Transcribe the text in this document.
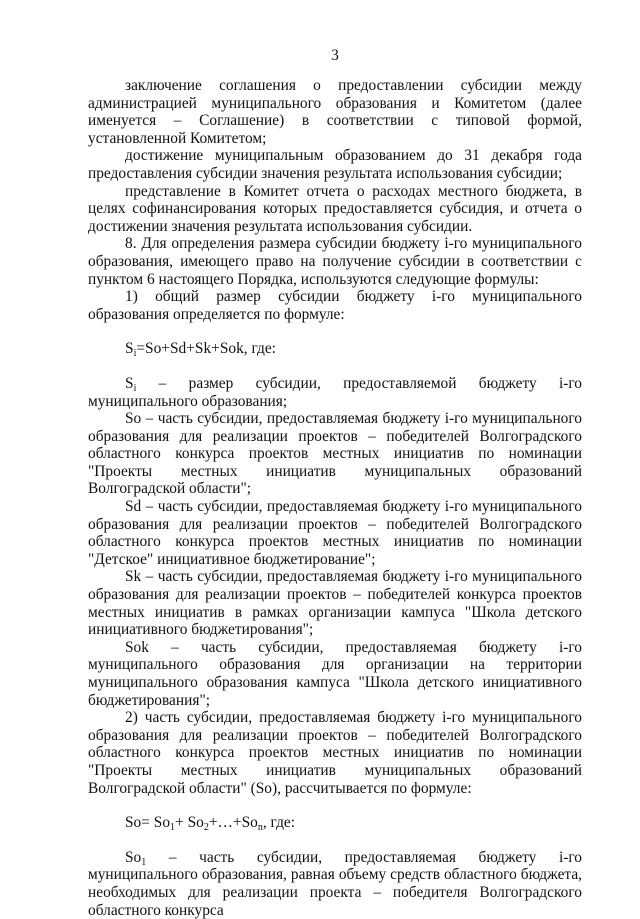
3

заключение соглашения о предоставлении субсидии между администрацией муниципального образования и Комитетом (далее именуется – Соглашение) в соответствии с типовой формой, установленной Комитетом;

достижение муниципальным образованием до 31 декабря года предоставления субсидии значения результата использования субсидии;

представление в Комитет отчета о расходах местного бюджета, в целях софинансирования которых предоставляется субсидия, и отчета о достижении значения результата использования субсидии.

8. Для определения размера субсидии бюджету i-го муниципального образования, имеющего право на получение субсидии в соответствии с пунктом 6 настоящего Порядка, используются следующие формулы:

1) общий размер субсидии бюджету i-го муниципального образования определяется по формуле:

$S_i=So+Sd+Sk+Sok$, где:

$S_i$ – размер субсидии, предоставляемой бюджету i-го муниципального образования;

So – часть субсидии, предоставляемая бюджету i-го муниципального образования для реализации проектов – победителей Волгоградского областного конкурса проектов местных инициатив по номинации "Проекты местных инициатив муниципальных образований Волгоградской области";

Sd – часть субсидии, предоставляемая бюджету i-го муниципального образования для реализации проектов – победителей Волгоградского областного конкурса проектов местных инициатив по номинации "Детское" инициативное бюджетирование";

Sk – часть субсидии, предоставляемая бюджету i-го муниципального образования для реализации проектов – победителей конкурса проектов местных инициатив в рамках организации кампуса "Школа детского инициативного бюджетирования";

Sok – часть субсидии, предоставляемая бюджету i-го муниципального образования для организации на территории муниципального образования кампуса "Школа детского инициативного бюджетирования";

2) часть субсидии, предоставляемая бюджету i-го муниципального образования для реализации проектов – победителей Волгоградского областного конкурса проектов местных инициатив по номинации "Проекты местных инициатив муниципальных образований Волгоградской области" (So), рассчитывается по формуле:

$So= So_1+$ $So_2+\dots+So_n$, где:

$So_1$ – часть субсидии, предоставляемая бюджету i-го муниципального образования, равная объему средств областного бюджета, необходимых для реализации проекта – победителя Волгоградского областного конкурса
